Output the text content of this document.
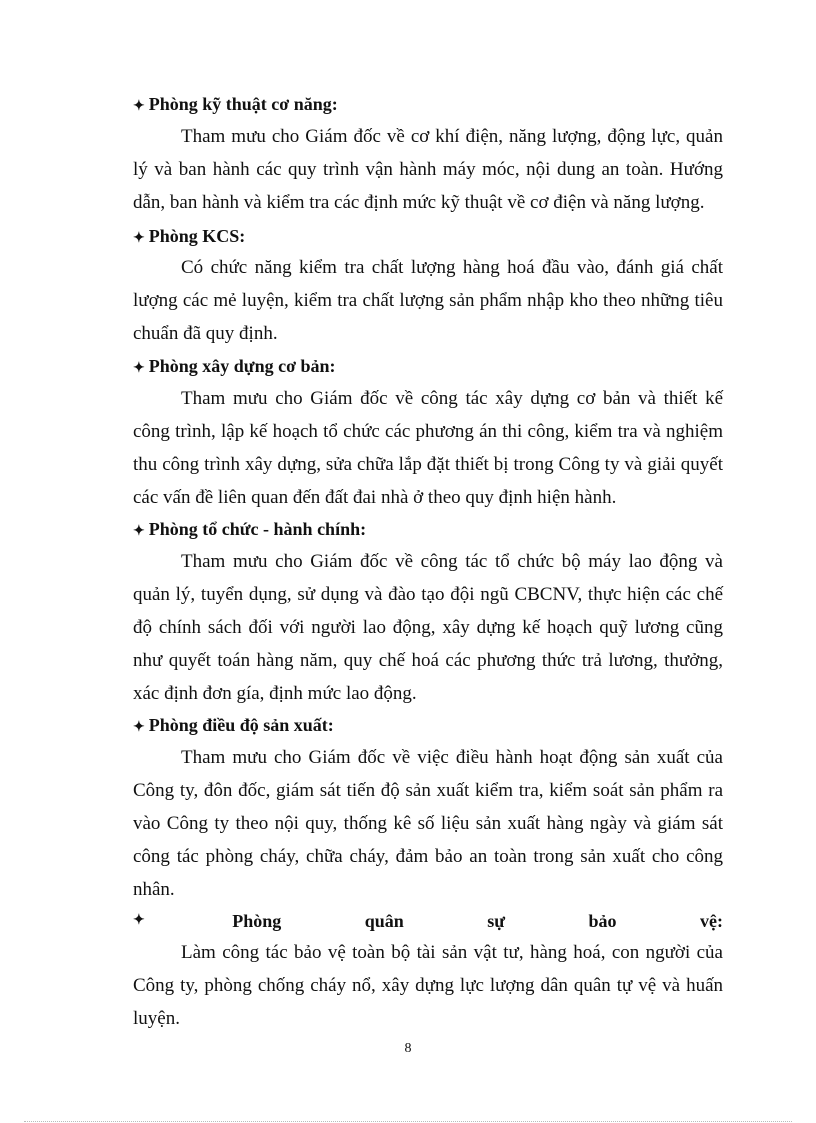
✦ Phòng kỹ thuật cơ năng:
Tham mưu cho Giám đốc về cơ khí điện, năng lượng, động lực, quản lý và ban hành các quy trình vận hành máy móc, nội dung an toàn. Hướng dẫn, ban hành và kiểm tra các định mức kỹ thuật về cơ điện và năng lượng.
✦ Phòng KCS:
Có chức năng kiểm tra chất lượng hàng hoá đầu vào, đánh giá chất lượng các mẻ luyện, kiểm tra chất lượng sản phẩm nhập kho theo những tiêu chuẩn đã quy định.
✦ Phòng xây dựng cơ bản:
Tham mưu cho Giám đốc về công tác xây dựng cơ bản và thiết kế công trình, lập kế hoạch tổ chức các phương án thi công, kiểm tra và nghiệm thu công trình xây dựng, sửa chữa lắp đặt thiết bị trong Công ty và giải quyết các vấn đề liên quan đến đất đai nhà ở theo quy định hiện hành.
✦ Phòng tổ chức - hành chính:
Tham mưu cho Giám đốc về công tác tổ chức bộ máy lao động và quản lý, tuyển dụng, sử dụng và đào tạo đội ngũ CBCNV, thực hiện các chế độ chính sách đối với người lao động, xây dựng kế hoạch quỹ lương cũng như quyết toán hàng năm, quy chế hoá các phương thức trả lương, thưởng, xác định đơn gía, định mức lao động.
✦ Phòng điều độ sản xuất:
Tham mưu cho Giám đốc về việc điều hành hoạt động sản xuất của Công ty, đôn đốc, giám sát tiến độ sản xuất kiểm tra, kiểm soát sản phẩm ra vào Công ty theo nội quy, thống kê số liệu sản xuất hàng ngày và giám sát công tác phòng cháy, chữa cháy, đảm bảo an toàn trong sản xuất cho công nhân.
✦	Phòng	quân	sự	bảo	vệ:
Làm công tác bảo vệ toàn bộ tài sản vật tư, hàng hoá, con người của Công ty, phòng chống cháy nổ, xây dựng lực lượng dân quân tự vệ và huấn luyện.
8
